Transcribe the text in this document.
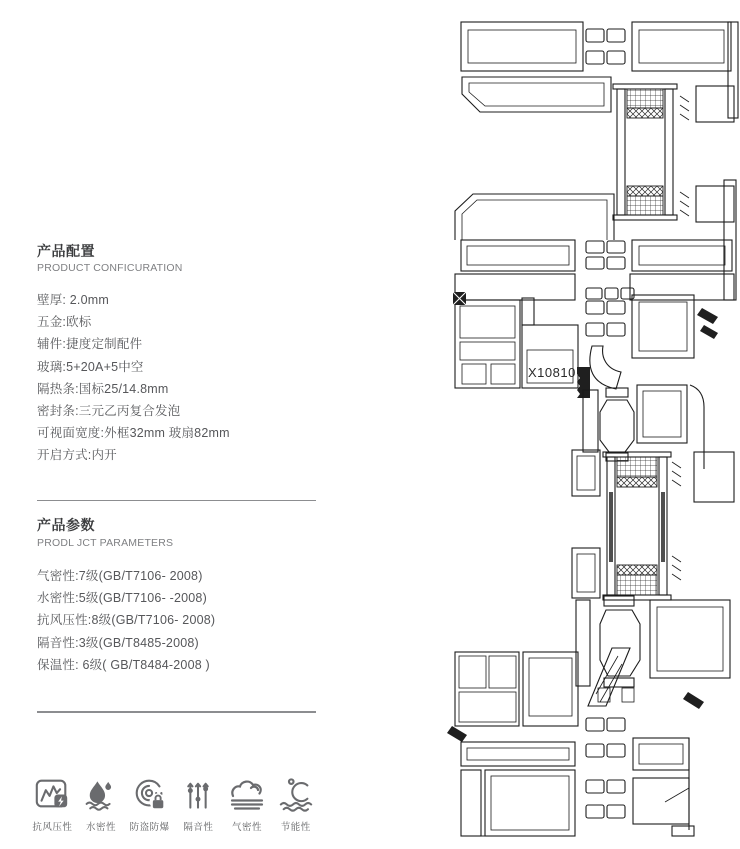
产品配置
PRODUCT CONFICURATION
壁厚: 2.0mm
五金:欧标
辅件:捷度定制配件
玻璃:5+20A+5中空
隔热条:国标25/14.8mm
密封条:三元乙丙复合发泡
可视面宽度:外框32mm 玻扇82mm
开启方式:内开
产品参数
PRODL JCT PARAMETERS
气密性:7级(GB/T7106- 2008)
水密性:5级(GB/T7106- -2008)
抗风压性:8级(GB/T7106- 2008)
隔音性:3级(GB/T8485-2008)
保温性: 6级( GB/T8484-2008 )
抗风压性 水密性 防盗防爆 隔音性 气密性 节能性
X10810
